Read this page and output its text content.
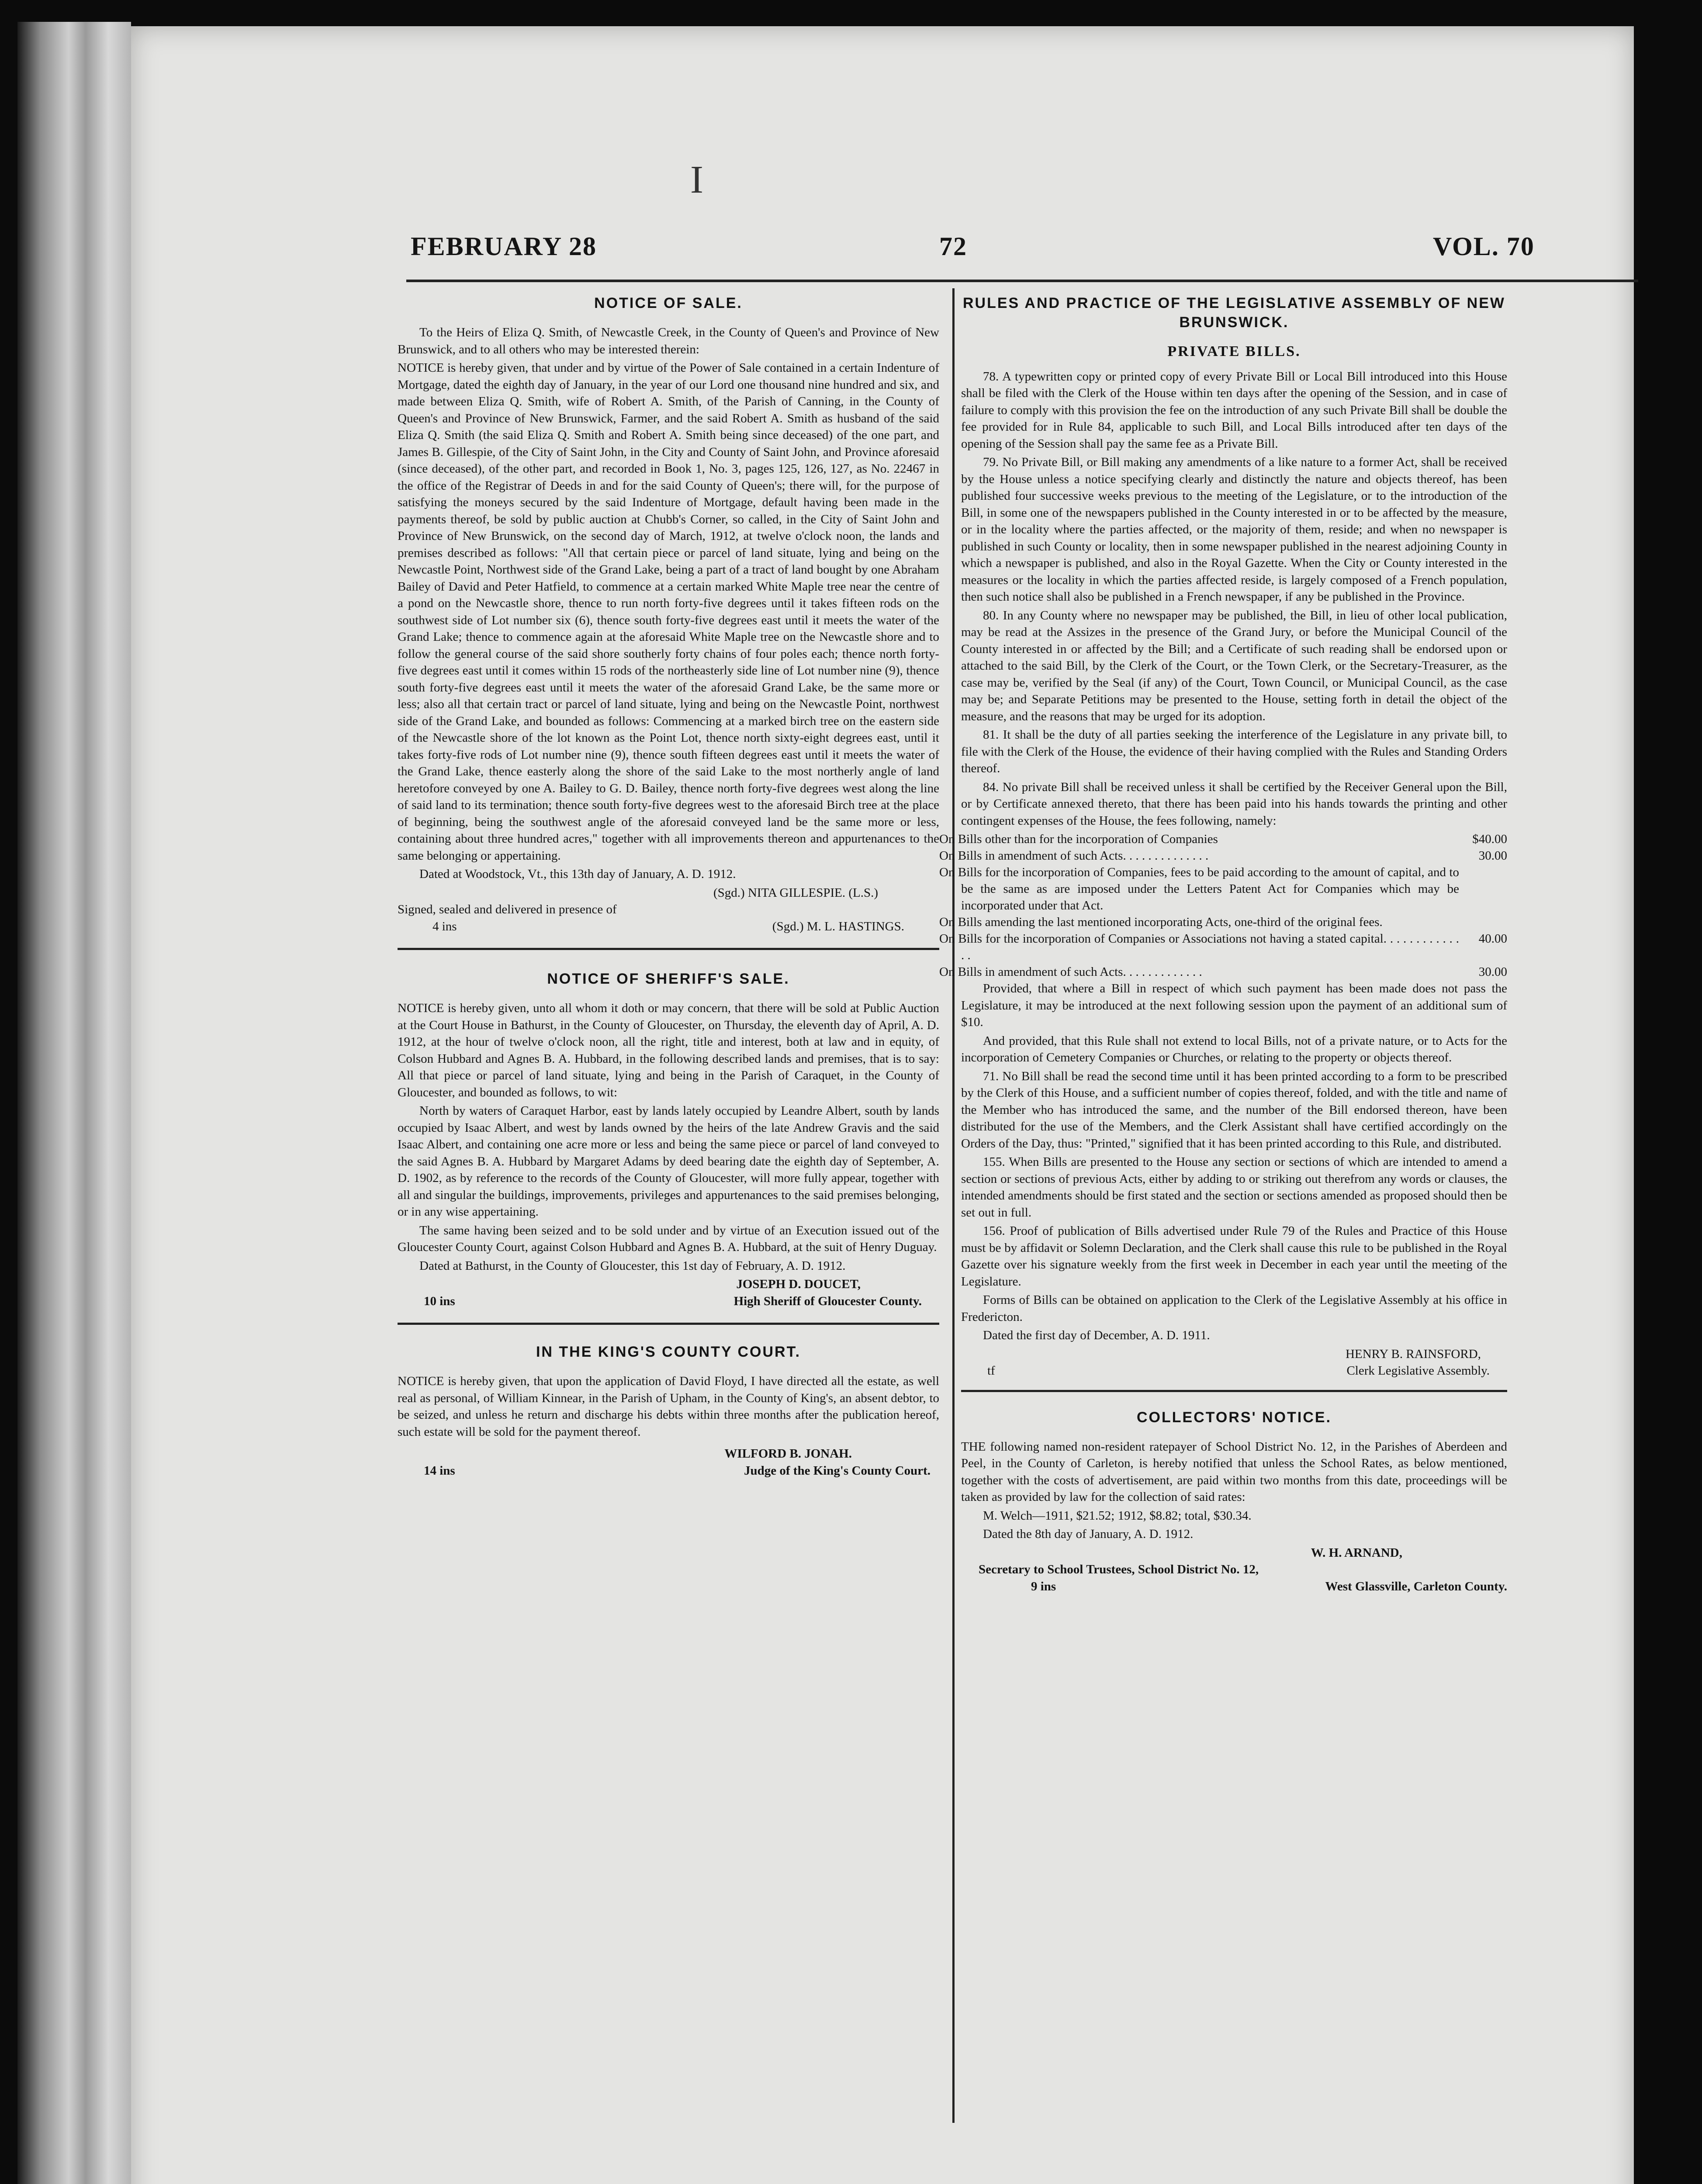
I
FEBRUARY 28	72	VOL. 70
NOTICE OF SALE.

To the Heirs of Eliza Q. Smith, of Newcastle Creek, in the County of Queen's and Province of New Brunswick, and to all others who may be interested therein:

NOTICE is hereby given, that under and by virtue of the Power of Sale contained in a certain Indenture of Mortgage, dated the eighth day of January, in the year of our Lord one thousand nine hundred and six, and made between Eliza Q. Smith, wife of Robert A. Smith, of the Parish of Canning, in the County of Queen's and Province of New Brunswick, Farmer, and the said Robert A. Smith as husband of the said Eliza Q. Smith (the said Eliza Q. Smith and Robert A. Smith being since deceased) of the one part, and James B. Gillespie, of the City of Saint John, in the City and County of Saint John, and Province aforesaid (since deceased), of the other part, and recorded in Book 1, No. 3, pages 125, 126, 127, as No. 22467 in the office of the Registrar of Deeds in and for the said County of Queen's; there will, for the purpose of satisfying the moneys secured by the said Indenture of Mortgage, default having been made in the payments thereof, be sold by public auction at Chubb's Corner, so called, in the City of Saint John and Province of New Brunswick, on the second day of March, 1912, at twelve o'clock noon, the lands and premises described as follows: "All that certain piece or parcel of land situate, lying and being on the Newcastle Point, Northwest side of the Grand Lake, being a part of a tract of land bought by one Abraham Bailey of David and Peter Hatfield, to commence at a certain marked White Maple tree near the centre of a pond on the Newcastle shore, thence to run north forty-five degrees until it takes fifteen rods on the southwest side of Lot number six (6), thence south forty-five degrees east until it meets the water of the Grand Lake; thence to commence again at the aforesaid White Maple tree on the Newcastle shore and to follow the general course of the said shore southerly forty chains of four poles each; thence north forty-five degrees east until it comes within 15 rods of the northeasterly side line of Lot number nine (9), thence south forty-five degrees east until it meets the water of the aforesaid Grand Lake, be the same more or less; also all that certain tract or parcel of land situate, lying and being on the Newcastle Point, northwest side of the Grand Lake, and bounded as follows: Commencing at a marked birch tree on the eastern side of the Newcastle shore of the lot known as the Point Lot, thence north sixty-eight degrees east, until it takes forty-five rods of Lot number nine (9), thence south fifteen degrees east until it meets the water of the Grand Lake, thence easterly along the shore of the said Lake to the most northerly angle of land heretofore conveyed by one A. Bailey to G. D. Bailey, thence north forty-five degrees west along the line of said land to its termination; thence south forty-five degrees west to the aforesaid Birch tree at the place of beginning, being the southwest angle of the aforesaid conveyed land be the same more or less, containing about three hundred acres," together with all improvements thereon and appurtenances to the same belonging or appertaining.

Dated at Woodstock, Vt., this 13th day of January, A. D. 1912.

(Sgd.) NITA GILLESPIE. (L.S.)
Signed, sealed and delivered in presence of
4 ins	(Sgd.) M. L. HASTINGS.
NOTICE OF SHERIFF'S SALE.

NOTICE is hereby given, unto all whom it doth or may concern, that there will be sold at Public Auction at the Court House in Bathurst, in the County of Gloucester, on Thursday, the eleventh day of April, A. D. 1912, at the hour of twelve o'clock noon, all the right, title and interest, both at law and in equity, of Colson Hubbard and Agnes B. A. Hubbard, in the following described lands and premises, that is to say: All that piece or parcel of land situate, lying and being in the Parish of Caraquet, in the County of Gloucester, and bounded as follows, to wit:

North by waters of Caraquet Harbor, east by lands lately occupied by Leandre Albert, south by lands occupied by Isaac Albert, and west by lands owned by the heirs of the late Andrew Gravis and the said Isaac Albert, and containing one acre more or less and being the same piece or parcel of land conveyed to the said Agnes B. A. Hubbard by Margaret Adams by deed bearing date the eighth day of September, A. D. 1902, as by reference to the records of the County of Gloucester, will more fully appear, together with all and singular the buildings, improvements, privileges and appurtenances to the said premises belonging, or in any wise appertaining.

The same having been seized and to be sold under and by virtue of an Execution issued out of the Gloucester County Court, against Colson Hubbard and Agnes B. A. Hubbard, at the suit of Henry Duguay.

Dated at Bathurst, in the County of Gloucester, this 1st day of February, A. D. 1912.

JOSEPH D. DOUCET,
10 ins	High Sheriff of Gloucester County.
IN THE KING'S COUNTY COURT.

NOTICE is hereby given, that upon the application of David Floyd, I have directed all the estate, as well real as personal, of William Kinnear, in the Parish of Upham, in the County of King's, an absent debtor, to be seized, and unless he return and discharge his debts within three months after the publication hereof, such estate will be sold for the payment thereof.

WILFORD B. JONAH.
14 ins	Judge of the King's County Court.
RULES AND PRACTICE OF THE LEGISLATIVE ASSEMBLY OF NEW BRUNSWICK.
PRIVATE BILLS.

78. A typewritten copy or printed copy of every Private Bill or Local Bill introduced into this House shall be filed with the Clerk of the House within ten days after the opening of the Session, and in case of failure to comply with this provision the fee on the introduction of any such Private Bill shall be double the fee provided for in Rule 84, applicable to such Bill, and Local Bills introduced after ten days of the opening of the Session shall pay the same fee as a Private Bill.

79. No Private Bill, or Bill making any amendments of a like nature to a former Act, shall be received by the House unless a notice specifying clearly and distinctly the nature and objects thereof, has been published four successive weeks previous to the meeting of the Legislature, or to the introduction of the Bill, in some one of the newspapers published in the County interested in or to be affected by the measure, or in the locality where the parties affected, or the majority of them, reside; and when no newspaper is published in such County or locality, then in some newspaper published in the nearest adjoining County in which a newspaper is published, and also in the Royal Gazette. When the City or County interested in the measures or the locality in which the parties affected reside, is largely composed of a French population, then such notice shall also be published in a French newspaper, if any be published in the Province.

80. In any County where no newspaper may be published, the Bill, in lieu of other local publication, may be read at the Assizes in the presence of the Grand Jury, or before the Municipal Council of the County interested in or affected by the Bill; and a Certificate of such reading shall be endorsed upon or attached to the said Bill, by the Clerk of the Court, or the Town Clerk, or the Secretary-Treasurer, as the case may be, verified by the Seal (if any) of the Court, Town Council, or Municipal Council, as the case may be; and Separate Petitions may be presented to the House, setting forth in detail the object of the measure, and the reasons that may be urged for its adoption.

81. It shall be the duty of all parties seeking the interference of the Legislature in any private bill, to file with the Clerk of the House, the evidence of their having complied with the Rules and Standing Orders thereof.

84. No private Bill shall be received unless it shall be certified by the Receiver General upon the Bill, or by Certificate annexed thereto, that there has been paid into his hands towards the printing and other contingent expenses of the House, the fees following, namely:

On Bills other than for the incorporation of Companies	$40.00
On Bills in amendment of such Acts. . . . . . . . . . . . . .	30.00
On Bills for the incorporation of Companies, fees to be paid according to the amount of capital, and to be the same as are imposed under the Letters Patent Act for Companies which may be incorporated under that Act.	
On Bills amending the last mentioned incorporating Acts, one-third of the original fees.	
On Bills for the incorporation of Companies or Associations not having a stated capital. . . . . . . . . . . . . .	40.00
On Bills in amendment of such Acts. . . . . . . . . . . . .	30.00

Provided, that where a Bill in respect of which such payment has been made does not pass the Legislature, it may be introduced at the next following session upon the payment of an additional sum of $10.

And provided, that this Rule shall not extend to local Bills, not of a private nature, or to Acts for the incorporation of Cemetery Companies or Churches, or relating to the property or objects thereof.

71. No Bill shall be read the second time until it has been printed according to a form to be prescribed by the Clerk of this House, and a sufficient number of copies thereof, folded, and with the title and name of the Member who has introduced the same, and the number of the Bill endorsed thereon, have been distributed for the use of the Members, and the Clerk Assistant shall have certified accordingly on the Orders of the Day, thus: "Printed," signified that it has been printed according to this Rule, and distributed.

155. When Bills are presented to the House any section or sections of which are intended to amend a section or sections of previous Acts, either by adding to or striking out therefrom any words or clauses, the intended amendments should be first stated and the section or sections amended as proposed should then be set out in full.

156. Proof of publication of Bills advertised under Rule 79 of the Rules and Practice of this House must be by affidavit or Solemn Declaration, and the Clerk shall cause this rule to be published in the Royal Gazette over his signature weekly from the first week in December in each year until the meeting of the Legislature.

Forms of Bills can be obtained on application to the Clerk of the Legislative Assembly at his office in Fredericton.

Dated the first day of December, A. D. 1911.

HENRY B. RAINSFORD,
tf	Clerk Legislative Assembly.
COLLECTORS' NOTICE.

THE following named non-resident ratepayer of School District No. 12, in the Parishes of Aberdeen and Peel, in the County of Carleton, is hereby notified that unless the School Rates, as below mentioned, together with the costs of advertisement, are paid within two months from this date, proceedings will be taken as provided by law for the collection of said rates:

M. Welch—1911, $21.52; 1912, $8.82; total, $30.34.

Dated the 8th day of January, A. D. 1912.

W. H. ARNAND,
Secretary to School Trustees, School District No. 12,
9 ins	West Glassville, Carleton County.
